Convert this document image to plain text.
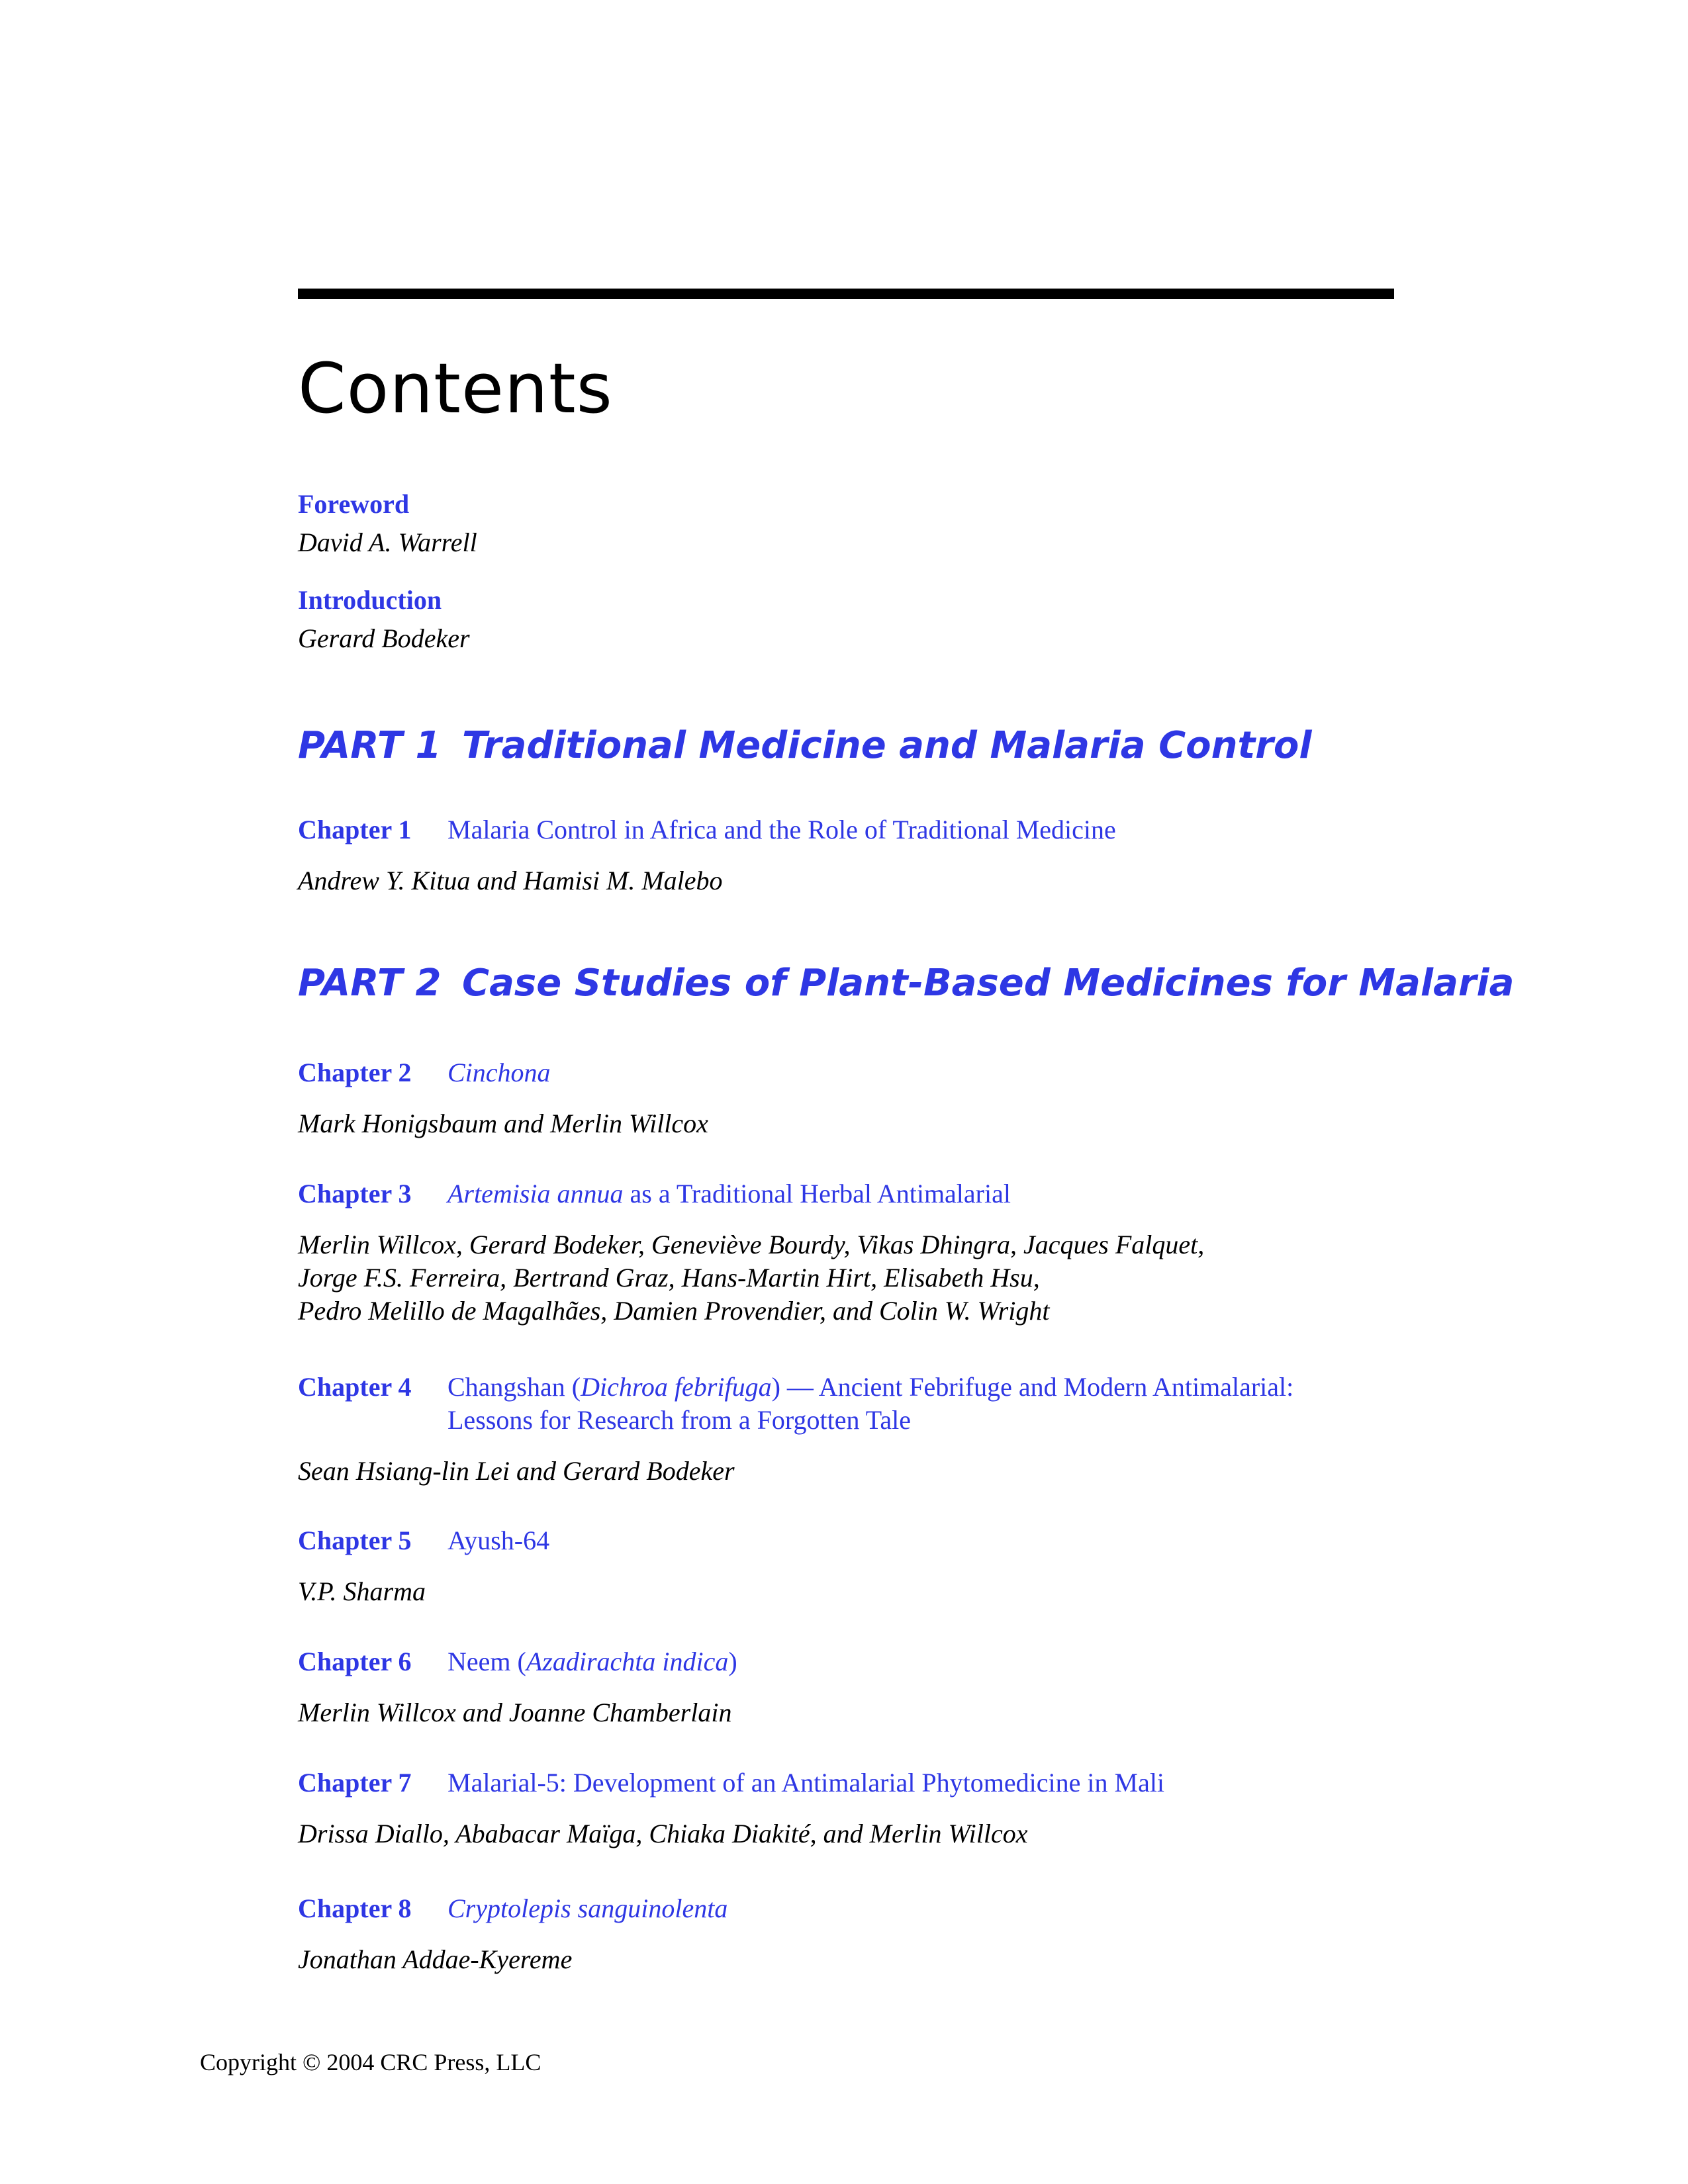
Contents
Foreword
David A. Warrell
Introduction
Gerard Bodeker
PART 1 Traditional Medicine and Malaria Control
Chapter 1	Malaria Control in Africa and the Role of Traditional Medicine
Andrew Y. Kitua and Hamisi M. Malebo
PART 2 Case Studies of Plant-Based Medicines for Malaria
Chapter 2	Cinchona
Mark Honigsbaum and Merlin Willcox
Chapter 3	Artemisia annua as a Traditional Herbal Antimalarial
Merlin Willcox, Gerard Bodeker, Geneviève Bourdy, Vikas Dhingra, Jacques Falquet,
Jorge F.S. Ferreira, Bertrand Graz, Hans-Martin Hirt, Elisabeth Hsu,
Pedro Melillo de Magalhães, Damien Provendier, and Colin W. Wright
Chapter 4	Changshan (Dichroa febrifuga) — Ancient Febrifuge and Modern Antimalarial:
Lessons for Research from a Forgotten Tale
Sean Hsiang-lin Lei and Gerard Bodeker
Chapter 5	Ayush-64
V.P. Sharma
Chapter 6	Neem (Azadirachta indica)
Merlin Willcox and Joanne Chamberlain
Chapter 7	Malarial-5: Development of an Antimalarial Phytomedicine in Mali
Drissa Diallo, Ababacar Maïga, Chiaka Diakité, and Merlin Willcox
Chapter 8	Cryptolepis sanguinolenta
Jonathan Addae-Kyereme

Copyright © 2004 CRC Press, LLC
